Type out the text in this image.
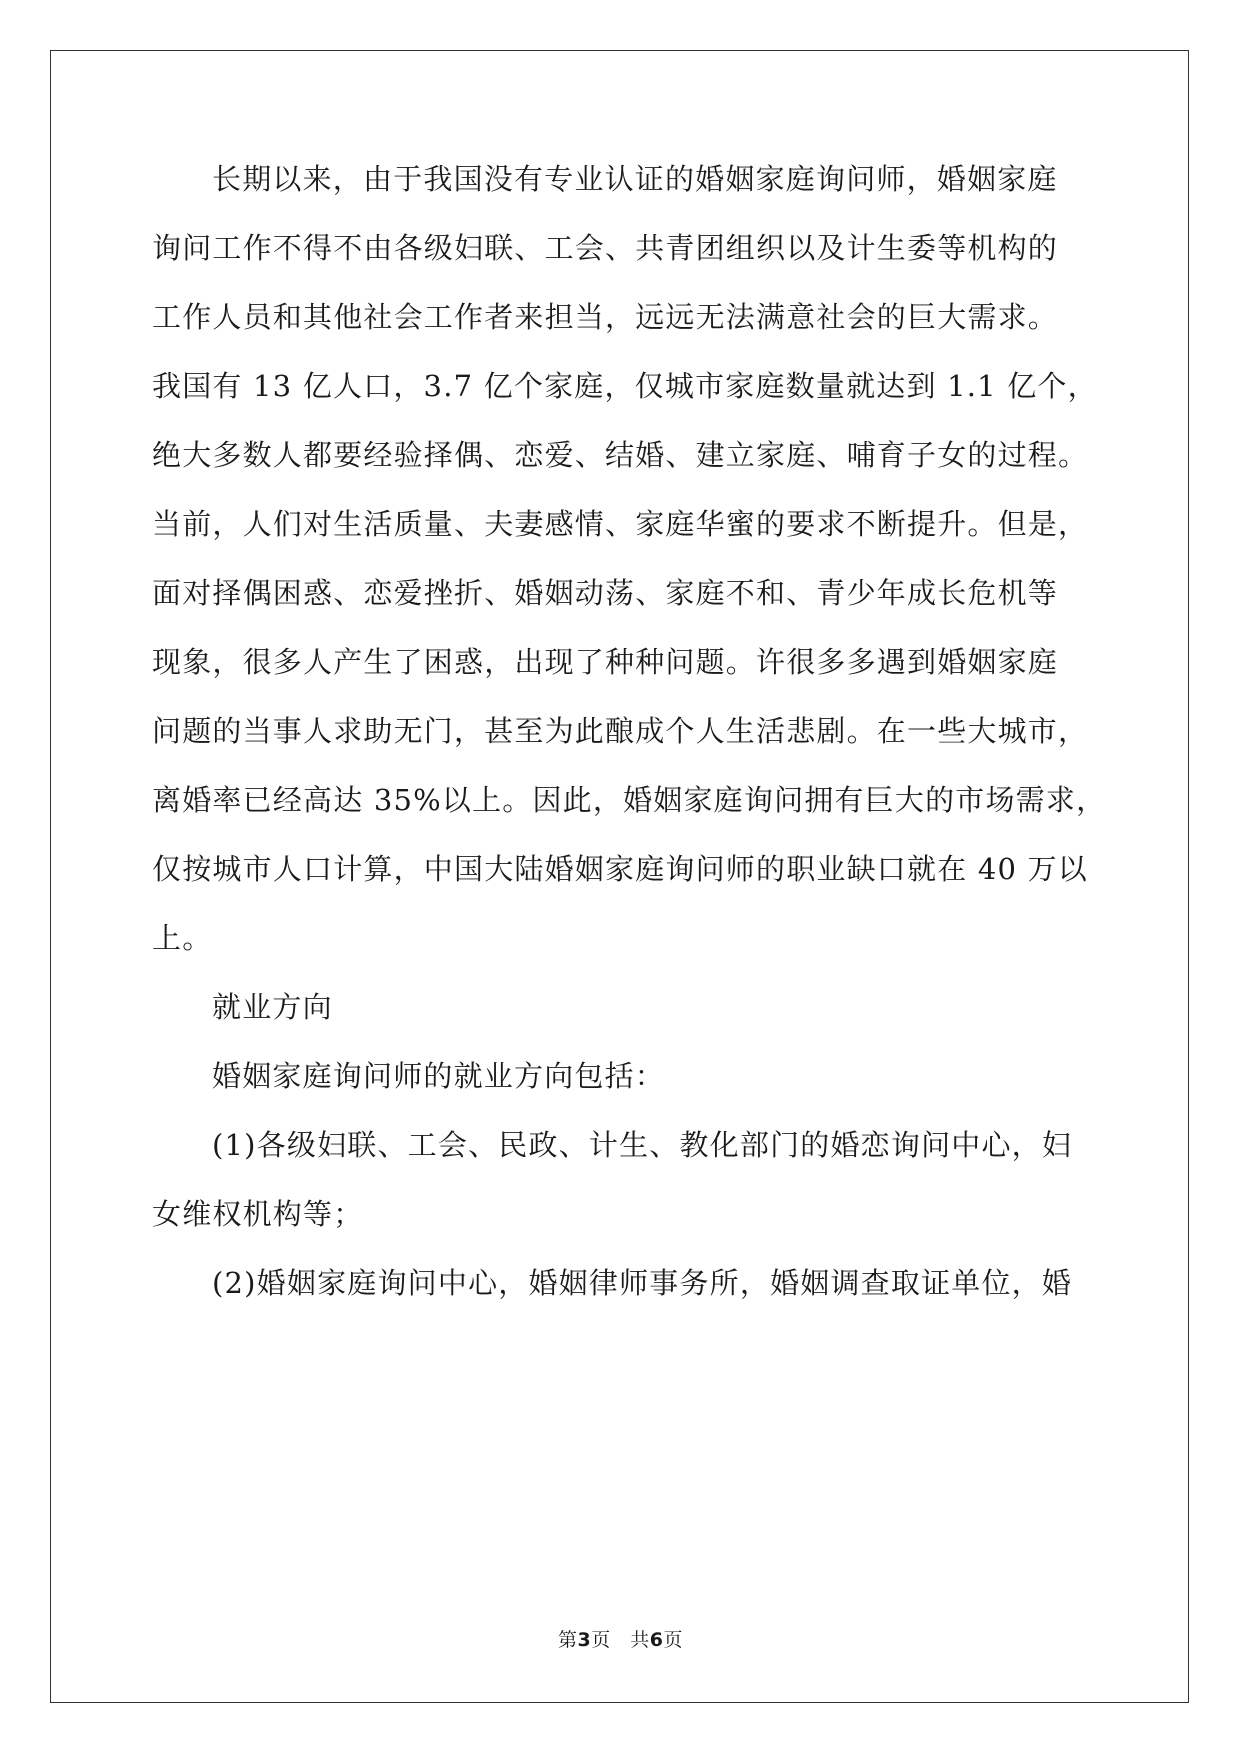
长期以来，由于我国没有专业认证的婚姻家庭询问师，婚姻家庭
询问工作不得不由各级妇联、工会、共青团组织以及计生委等机构的
工作人员和其他社会工作者来担当，远远无法满意社会的巨大需求。
我国有 13 亿人口，3.7 亿个家庭，仅城市家庭数量就达到 1.1 亿个，
绝大多数人都要经验择偶、恋爱、结婚、建立家庭、哺育子女的过程。
当前，人们对生活质量、夫妻感情、家庭华蜜的要求不断提升。但是，
面对择偶困惑、恋爱挫折、婚姻动荡、家庭不和、青少年成长危机等
现象，很多人产生了困惑，出现了种种问题。许很多多遇到婚姻家庭
问题的当事人求助无门，甚至为此酿成个人生活悲剧。在一些大城市，
离婚率已经高达 35%以上。因此，婚姻家庭询问拥有巨大的市场需求，
仅按城市人口计算，中国大陆婚姻家庭询问师的职业缺口就在 40 万以
上。
就业方向
婚姻家庭询问师的就业方向包括：
(1)各级妇联、工会、民政、计生、教化部门的婚恋询问中心，妇
女维权机构等；
(2)婚姻家庭询问中心，婚姻律师事务所，婚姻调查取证单位，婚
第3页　共6页
